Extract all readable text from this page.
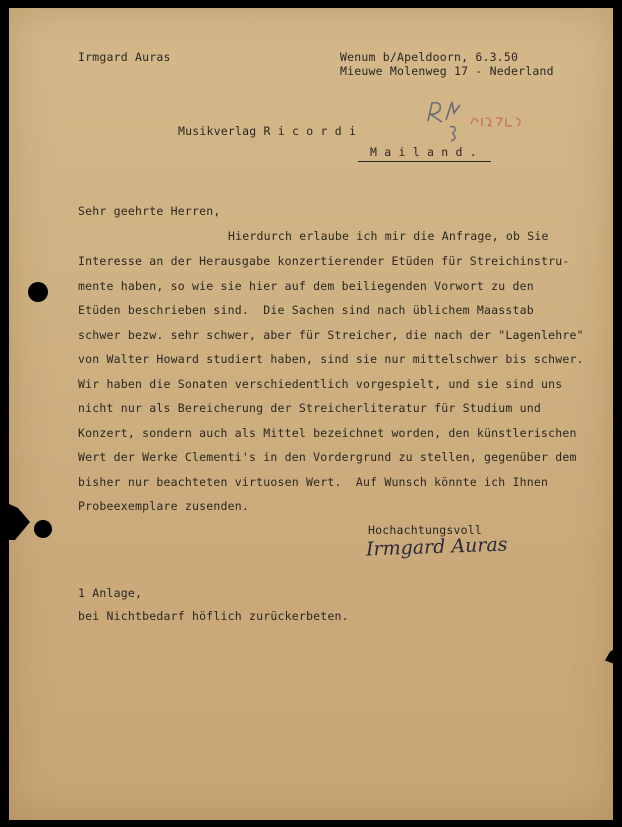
Irmgard Auras	Wenum b/Apeldoorn, 6.3.50
Mieuwe Molenweg 17 - Nederland
Musikverlag R i c o r d i
M a i l a n d .
Sehr geehrte Herren,
Hierdurch erlaube ich mir die Anfrage, ob Sie
Interesse an der Herausgabe konzertierender Etüden für Streichinstru-
mente haben, so wie sie hier auf dem beiliegenden Vorwort zu den
Etüden beschrieben sind.  Die Sachen sind nach üblichem Maasstab
schwer bezw. sehr schwer, aber für Streicher, die nach der "Lagenlehre"
von Walter Howard studiert haben, sind sie nur mittelschwer bis schwer.
Wir haben die Sonaten verschiedentlich vorgespielt, und sie sind uns
nicht nur als Bereicherung der Streicherliteratur für Studium und
Konzert, sondern auch als Mittel bezeichnet worden, den künstlerischen
Wert der Werke Clementi's in den Vordergrund zu stellen, gegenüber dem
bisher nur beachteten virtuosen Wert.  Auf Wunsch könnte ich Ihnen
Probeexemplare zusenden.
Hochachtungsvoll
Irmgard Auras
1 Anlage,
bei Nichtbedarf höflich zurückerbeten.
